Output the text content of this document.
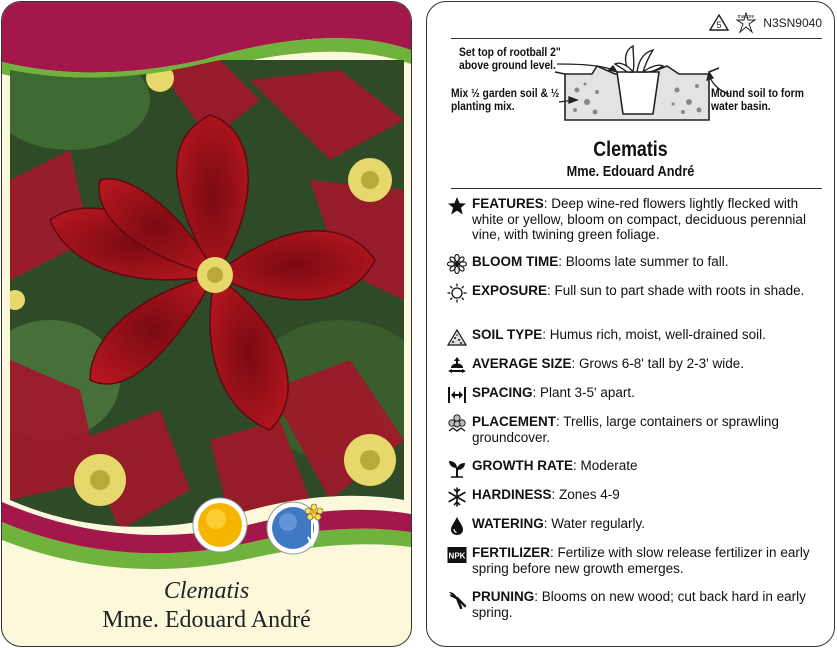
Clematis
Mme. Edouard André
5
macore N3SN9040
Set top of rootball 2" above ground level.
Mix ½ garden soil & ½ planting mix.
Mound soil to form water basin.
Clematis
Mme. Edouard André
FEATURES: Deep wine-red flowers lightly flecked with white or yellow, bloom on compact, deciduous perennial vine, with twining green foliage.
BLOOM TIME: Blooms late summer to fall.
EXPOSURE: Full sun to part shade with roots in shade.
SOIL TYPE: Humus rich, moist, well-drained soil.
AVERAGE SIZE: Grows 6-8' tall by 2-3' wide.
SPACING: Plant 3-5' apart.
PLACEMENT: Trellis, large containers or sprawling groundcover.
GROWTH RATE: Moderate
HARDINESS: Zones 4-9
WATERING: Water regularly.
NPK FERTILIZER: Fertilize with slow release fertilizer in early spring before new growth emerges.
PRUNING: Blooms on new wood; cut back hard in early spring.
